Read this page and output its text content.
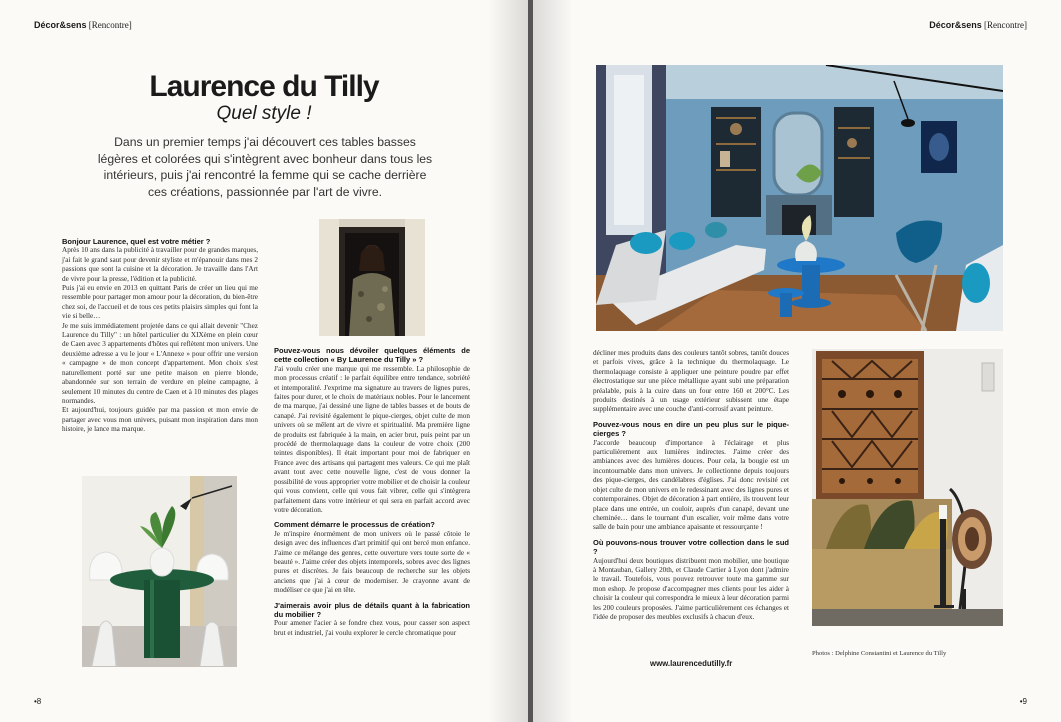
Décor&sens [Rencontre]
Laurence du Tilly
Quel style !
Dans un premier temps j'ai découvert ces tables basses légères et colorées qui s'intègrent avec bonheur dans tous les intérieurs, puis j'ai rencontré la femme qui se cache derrière ces créations, passionnée par l'art de vivre.

Bonjour Laurence, quel est votre métier ?

Après 10 ans dans la publicité à travailler pour de grandes marques, j'ai fait le grand saut pour devenir styliste et m'épanouir dans mes 2 passions que sont la cuisine et la décoration. Je travaille dans l'Art de vivre pour la presse, l'édition et la publicité.

Puis j'ai eu envie en 2013 en quittant Paris de créer un lieu qui me ressemble pour partager mon amour pour la décoration, du bien-être chez soi, de l'accueil et de tous ces petits plaisirs simples qui font la vie si belle…

Je me suis immédiatement projetée dans ce qui allait devenir "Chez Laurence du Tilly" : un hôtel particulier du XIXème en plein cœur de Caen avec 3 appartements d'hôtes qui reflètent mon univers. Une deuxième adresse a vu le jour « L'Annexe » pour offrir une version « campagne » de mon concept d'appartement. Mon choix s'est naturellement porté sur une petite maison en pierre blonde, abandonnée sur son terrain de verdure en pleine campagne, à seulement 10 minutes du centre de Caen et à 10 minutes des plages normandes.

Et aujourd'hui, toujours guidée par ma passion et mon envie de partager avec vous mon univers, puisant mon inspiration dans mon histoire, je lance ma marque.

Pouvez-vous nous dévoiler quelques éléments de cette collection « By Laurence du Tilly » ?

J'ai voulu créer une marque qui me ressemble. La philosophie de mon processus créatif : le parfait équilibre entre tendance, sobriété et intemporalité. J'exprime ma signature au travers de lignes pures, faites pour durer, et le choix de matériaux nobles. Pour le lancement de ma marque, j'ai dessiné une ligne de tables basses et de bouts de canapé. J'ai revisité également le pique-cierges, objet culte de mon univers où se mêlent art de vivre et spiritualité. Ma première ligne de produits est fabriquée à la main, en acier brut, puis peint par un procédé de thermolaquage dans la couleur de votre choix (200 teintes disponibles). Il était important pour moi de fabriquer en France avec des artisans qui partagent mes valeurs. Ce qui me plaît avant tout avec cette nouvelle ligne, c'est de vous donner la possibilité de vous approprier votre mobilier et de choisir la couleur qui vous convient, celle qui vous fait vibrer, celle qui s'intègrera parfaitement dans votre intérieur et qui sera en parfait accord avec votre décoration.

Comment démarre le processus de création?

Je m'inspire énormément de mon univers où le passé côtoie le design avec des influences d'art primitif qui ont bercé mon enfance. J'aime ce mélange des genres, cette ouverture vers toute sorte de « beauté ». J'aime créer des objets intemporels, sobres avec des lignes pures et discrètes. Je fais beaucoup de recherche sur les objets anciens que j'ai à cœur de moderniser. Je crayonne avant de modéliser ce que j'ai en tête.

J'aimerais avoir plus de détails quant à la fabrication du mobilier ?

Pour amener l'acier à se fondre chez vous, pour casser son aspect brut et industriel, j'ai voulu explorer le cercle chromatique pour

•8
Décor&sens [Rencontre]

décliner mes produits dans des couleurs tantôt sobres, tantôt douces et parfois vives, grâce à la technique du thermolaquage. Le thermolaquage consiste à appliquer une peinture poudre par effet électrostatique sur une pièce métallique ayant subi une préparation préalable, puis à la cuire dans un four entre 160 et 200°C. Les produits destinés à un usage extérieur subissent une étape supplémentaire avec une couche d'anti-corrosif avant peinture.

Pouvez-vous nous en dire un peu plus sur le pique-cierges ?

J'accorde beaucoup d'importance à l'éclairage et plus particulièrement aux lumières indirectes. J'aime créer des ambiances avec des lumières douces. Pour cela, la bougie est un incontournable dans mon univers. Je collectionne depuis toujours des pique-cierges, des candélabres d'églises. J'ai donc revisité cet objet culte de mon univers en le redessinant avec des lignes pures et contemporaines. Objet de décoration à part entière, ils trouvent leur place dans une entrée, un couloir, auprès d'un canapé, devant une cheminée… dans le tournant d'un escalier, voir même dans votre salle de bain pour une ambiance apaisante et ressourçante !

Où pouvons-nous trouver votre collection dans le sud ?

Aujourd'hui deux boutiques distribuent mon mobilier, une boutique à Montauban, Gallery 20th, et Claude Cartier à Lyon dont j'admire le travail. Toutefois, vous pouvez retrouver toute ma gamme sur mon eshop. Je propose d'accompagner mes clients pour les aider à choisir la couleur qui correspondra le mieux à leur décoration parmi les 200 couleurs proposées. J'aime particulièrement ces échanges et l'idée de proposer des meubles exclusifs à chacun d'eux.

www.laurencedutilly.fr
Photos : Delphine Constantini et Laurence du Tilly
•9
